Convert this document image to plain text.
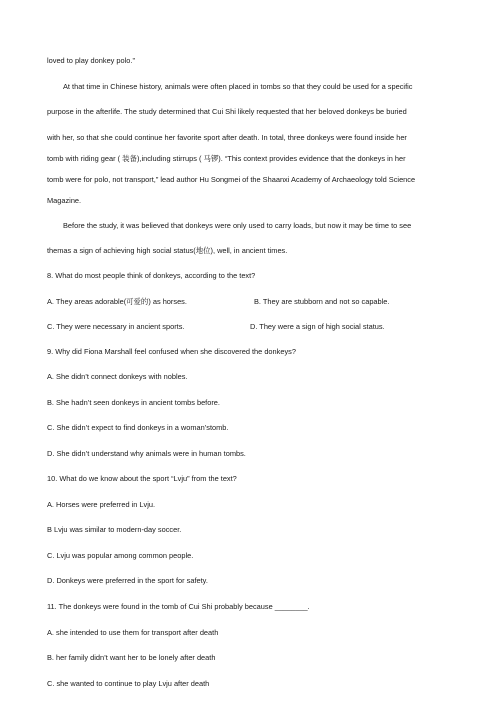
loved to play donkey polo.”
At that time in Chinese history, animals were often placed in tombs so that they could be used for a specific
purpose in the afterlife. The study determined that Cui Shi likely requested that her beloved donkeys be buried
with her, so that she could continue her favorite sport after death. In total, three donkeys were found inside her
tomb with riding gear ( 装备),including stirrups ( 马锣). “This context provides evidence that the donkeys in her
tomb were for polo, not transport,” lead author Hu Songmei of the Shaanxi Academy of Archaeology told Science
Magazine.
Before the study, it was believed that donkeys were only used to carry loads, but now it may be time to see
themas a sign of achieving high social status(地位), well, in ancient times.
8. What do most people think of donkeys, according to the text?
A. They areas adorable(可爱的) as horses.	B. They are stubborn and not so capable.
C. They were necessary in ancient sports.	D. They were a sign of high social status.
9. Why did Fiona Marshall feel confused when she discovered the donkeys?
A. She didn’t connect donkeys with nobles.
B. She hadn’t seen donkeys in ancient tombs before.
C. She didn’t expect to find donkeys in a woman’stomb.
D. She didn’t understand why animals were in human tombs.
10. What do we know about the sport “Lvju” from the text?
A. Horses were preferred in Lvju.
B Lvju was similar to modern-day soccer.
C. Lvju was popular among common people.
D. Donkeys were preferred in the sport for safety.
11. The donkeys were found in the tomb of Cui Shi probably because ________.
A. she intended to use them for transport after death
B. her family didn’t want her to be lonely after death
C. she wanted to continue to play Lvju after death
